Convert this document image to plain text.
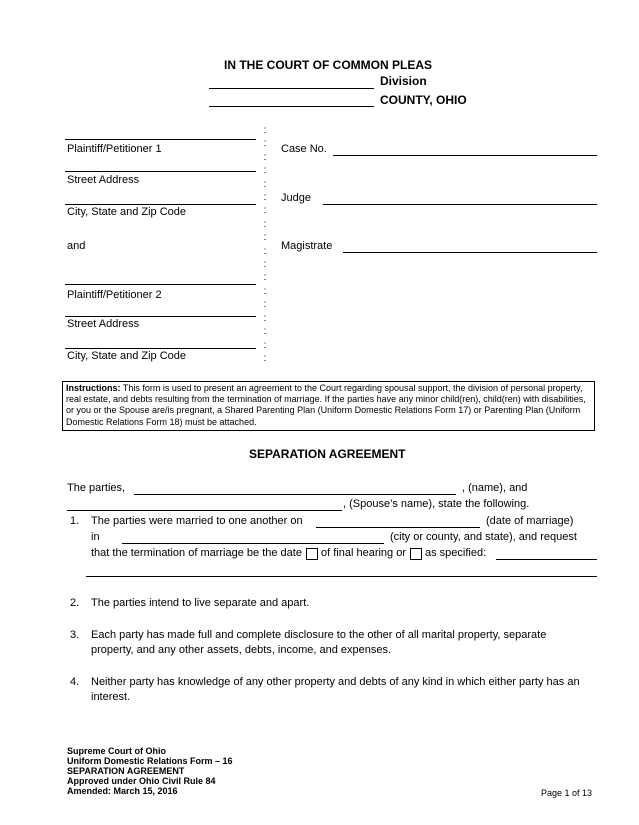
IN THE COURT OF COMMON PLEAS
Division
COUNTY, OHIO
Plaintiff/Petitioner 1
Street Address
City, State and Zip Code
and
Plaintiff/Petitioner 2
Street Address
City, State and Zip Code
:
:
:
:
:
:
:
:
:
:
:
:
:
:
:
:
:
:
Case No.
Judge
Magistrate
Instructions: This form is used to present an agreement to the Court regarding spousal support, the division of personal property, real estate, and debts resulting from the termination of marriage. If the parties have any minor child(ren), child(ren) with disabilities, or you or the Spouse are/is pregnant, a Shared Parenting Plan (Uniform Domestic Relations Form 17) or Parenting Plan (Uniform Domestic Relations Form 18) must be attached.
SEPARATION AGREEMENT
The parties,	, (name), and
, (Spouse’s name), state the following.
1. The parties were married to one another on	(date of marriage)
in	(city or county, and state), and request
that the termination of marriage be the date of final hearing or as specified:
2. The parties intend to live separate and apart.
3. Each party has made full and complete disclosure to the other of all marital property, separate
property, and any other assets, debts, income, and expenses.
4. Neither party has knowledge of any other property and debts of any kind in which either party has an
interest.
Supreme Court of Ohio
Uniform Domestic Relations Form – 16
SEPARATION AGREEMENT
Approved under Ohio Civil Rule 84
Amended: March 15, 2016	Page 1 of 13
